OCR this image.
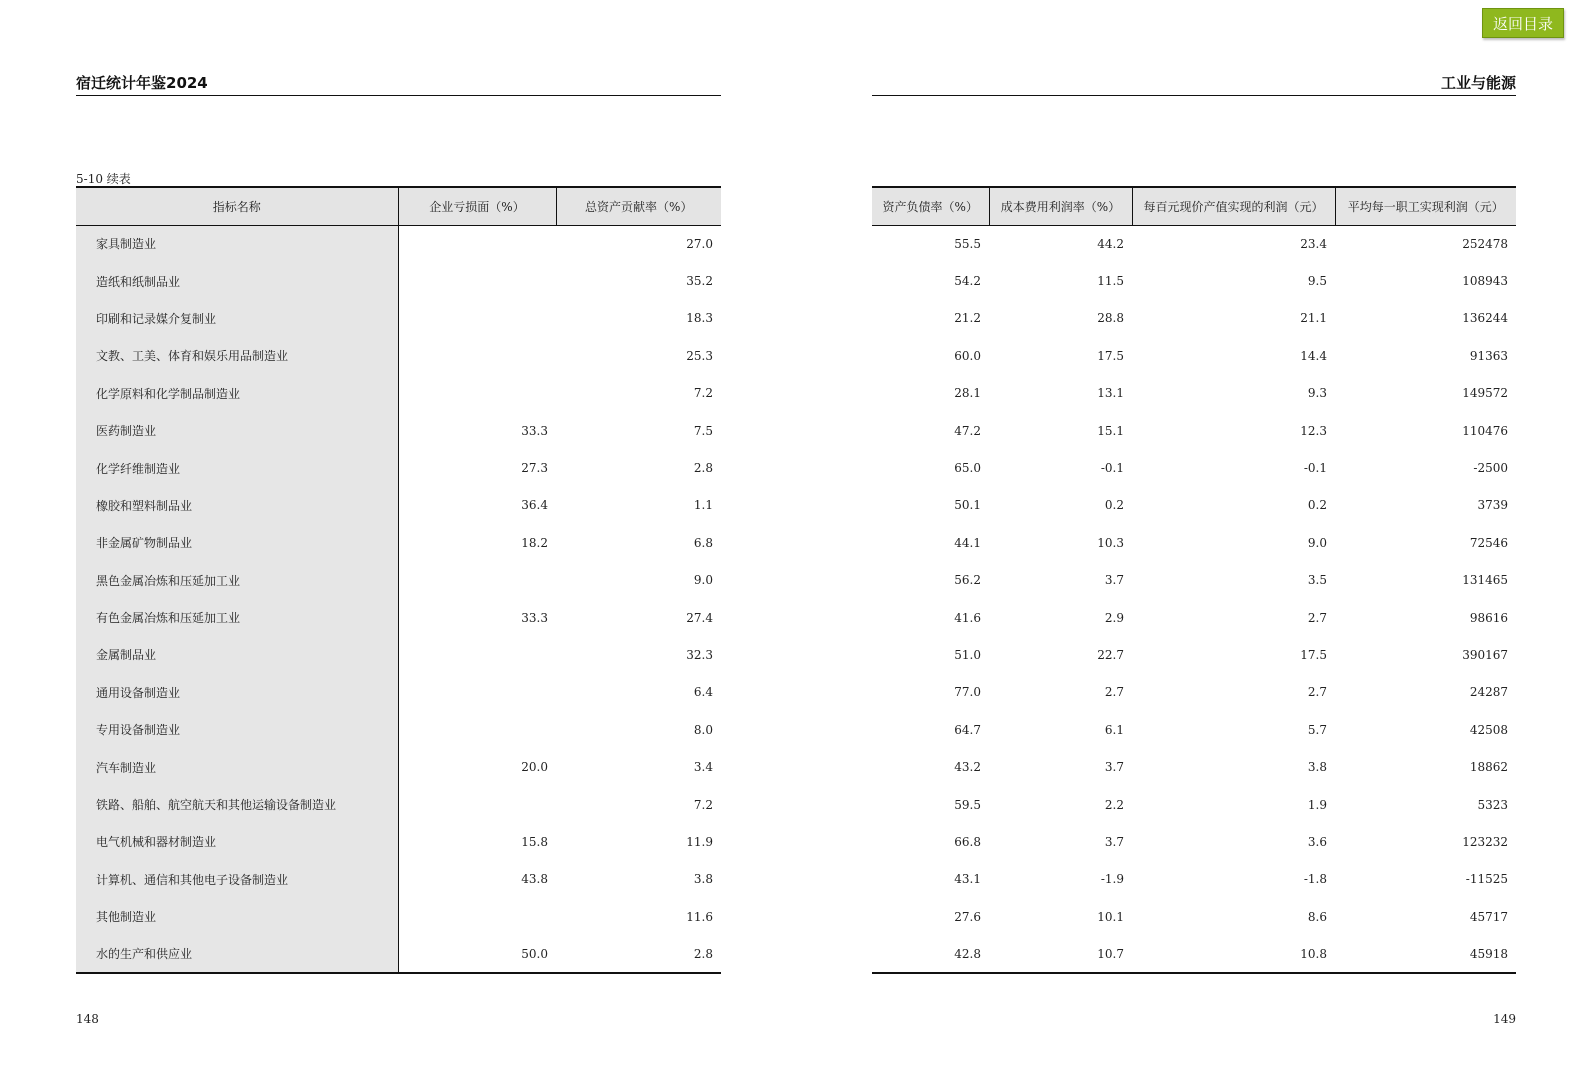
返回目录
宿迁统计年鉴2024	工业与能源
5-10 续表
指标名称	企业亏损面（%）	总资产贡献率（%）
家具制造业		27.0
造纸和纸制品业		35.2
印刷和记录媒介复制业		18.3
文教、工美、体育和娱乐用品制造业		25.3
化学原料和化学制品制造业		7.2
医药制造业	33.3	7.5
化学纤维制造业	27.3	2.8
橡胶和塑料制品业	36.4	1.1
非金属矿物制品业	18.2	6.8
黑色金属冶炼和压延加工业		9.0
有色金属冶炼和压延加工业	33.3	27.4
金属制品业		32.3
通用设备制造业		6.4
专用设备制造业		8.0
汽车制造业	20.0	3.4
铁路、船舶、航空航天和其他运输设备制造业		7.2
电气机械和器材制造业	15.8	11.9
计算机、通信和其他电子设备制造业	43.8	3.8
其他制造业		11.6
水的生产和供应业	50.0	2.8
资产负债率（%）	成本费用利润率（%）	每百元现价产值实现的利润（元）	平均每一职工实现利润（元）
55.5	44.2	23.4	252478
54.2	11.5	9.5	108943
21.2	28.8	21.1	136244
60.0	17.5	14.4	91363
28.1	13.1	9.3	149572
47.2	15.1	12.3	110476
65.0	-0.1	-0.1	-2500
50.1	0.2	0.2	3739
44.1	10.3	9.0	72546
56.2	3.7	3.5	131465
41.6	2.9	2.7	98616
51.0	22.7	17.5	390167
77.0	2.7	2.7	24287
64.7	6.1	5.7	42508
43.2	3.7	3.8	18862
59.5	2.2	1.9	5323
66.8	3.7	3.6	123232
43.1	-1.9	-1.8	-11525
27.6	10.1	8.6	45717
42.8	10.7	10.8	45918
148	149
